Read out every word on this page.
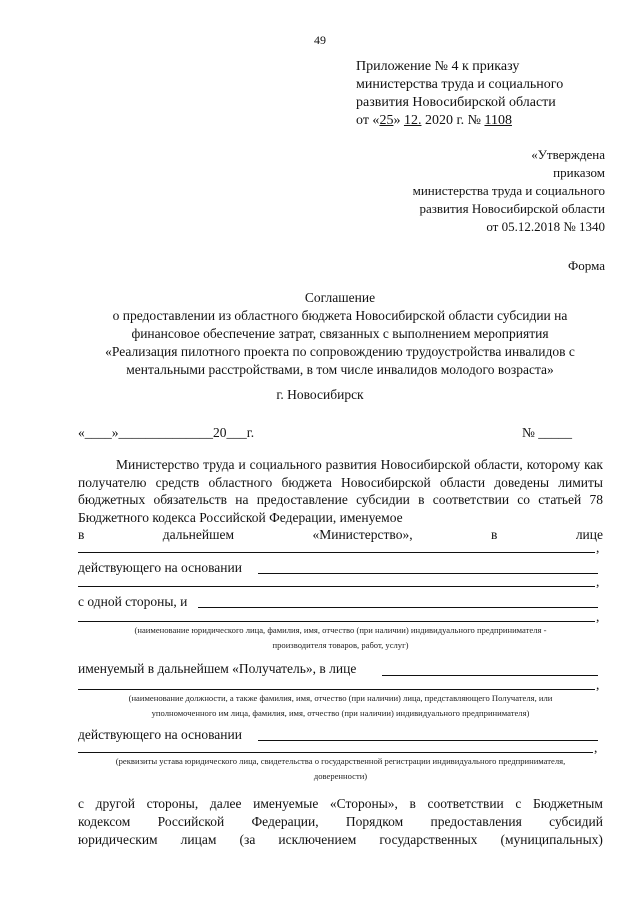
49
Приложение № 4 к приказу
министерства труда и социального
развития Новосибирской области
от «25» 12. 2020 г. № 1108
«Утверждена
приказом
министерства труда и социального
развития Новосибирской области
от 05.12.2018 № 1340
Форма
Соглашение
о предоставлении из областного бюджета Новосибирской области субсидии на
финансовое обеспечение затрат, связанных с выполнением мероприятия
«Реализация пилотного проекта по сопровождению трудоустройства инвалидов с
ментальными расстройствами, в том числе инвалидов молодого возраста»
г. Новосибирск
«____»______________20___г.	№ _____

Министерство труда и социального развития Новосибирской области, которому как получателю средств областного бюджета Новосибирской области доведены лимиты бюджетных обязательств на предоставление субсидии в соответствии со статьей 78 Бюджетного кодекса Российской Федерации, именуемое

в	дальнейшем	«Министерство»,	в	лице
,
действующего на основании
,
с одной стороны, и
,
(наименование юридического лица, фамилия, имя, отчество (при наличии) индивидуального предпринимателя -
производителя товаров, работ, услуг)
именуемый в дальнейшем «Получатель», в лице
,
(наименование должности, а также фамилия, имя, отчество (при наличии) лица, представляющего Получателя, или
уполномоченного им лица, фамилия, имя, отчество (при наличии) индивидуального предпринимателя)
действующего на основании
,
(реквизиты устава юридического лица, свидетельства о государственной регистрации индивидуального предпринимателя,
доверенности)
с другой стороны, далее именуемые «Стороны», в соответствии с Бюджетным
кодексом Российской Федерации, Порядком предоставления субсидий
юридическим лицам (за исключением государственных (муниципальных)
